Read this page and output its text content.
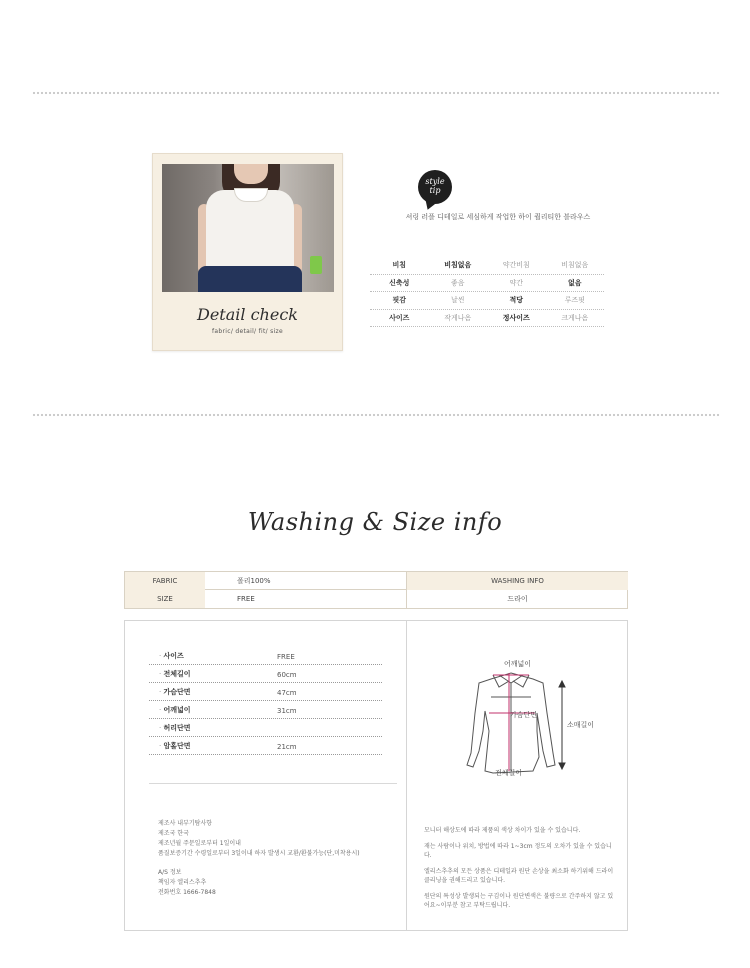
Detail check
fabric/ detail/ fit/ size
style
tip
셔링 러플 디테일로 세심하게 작업한 하이 퀄리티한 블라우스
비침	비침없음	약간비침	비침없음
신축성	좋음	약간	없음
핏감	날씬	적당	루즈핏
사이즈	작게나옴	정사이즈	크게나옴
Washing & Size info
FABRIC	폴리100%	WASHING INFO
SIZE	FREE	드라이
· 사이즈	FREE
· 전체길이	60cm
· 가슴단면	47cm
· 어깨넓이	31cm
· 허리단면
· 암홀단면	21cm

제조사 내부기탐사항

제조국 한국

제조년월 주문일로부터 1일이내

품질보증기간 수령일로부터 3일이내 하자 발생시 교환/환불가능(단,미착용시)

A/S 정보

책임자 엘리스추추

전화번호 1666-7848

어깨넓이
가슴단면
소매길이
전체길이

모니터 해상도에 따라 제품의 색상 차이가 있을 수 있습니다.

재는 사람이나 위치, 방법에 따라 1~3cm 정도의 오차가 있을 수 있습니다.

엘리스추추의 모든 상품은 디테일과 원단 손상을 최소화 하기위해 드라이클리닝을 권해드리고 있습니다.

원단의 특성상 발생되는 구김이나 원단변색은 불량으로 간주하지 않고 있어요~이부분 참고 부탁드립니다.
